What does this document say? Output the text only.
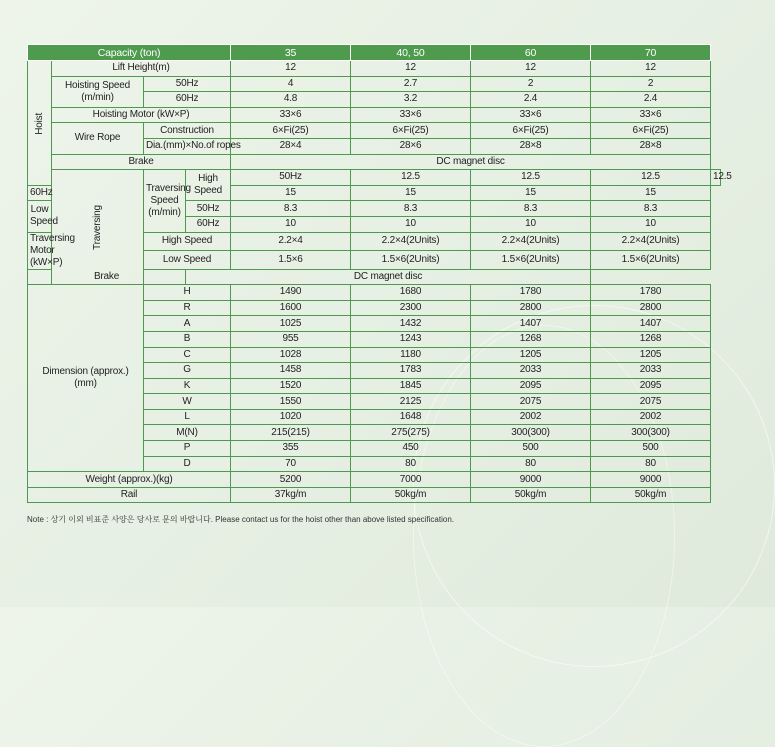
Capacity (ton)				35	40, 50	60	70	
Hoist	Lift Height(m)			12	12	12	12	
	Hoisting Speed (m/min)	50Hz		4	2.7	2	2	
		60Hz		4.8	3.2	2.4	2.4	
	Hoisting Motor (kW×P)			33×6	33×6	33×6	33×6	
	Wire Rope	Construction		6×Fi(25)	6×Fi(25)	6×Fi(25)	6×Fi(25)	
		Dia.(mm)×No.of ropes		28×4	28×6	28×8	28×8	
	Brake			DC magnet disc				
	Traversing	Traversing Speed (m/min)	High Speed	50Hz	12.5	12.5	12.5	12.5
60Hz				15	15	15	15	
Low Speed			50Hz	8.3	8.3	8.3	8.3	
			60Hz	10	10	10	10	
Traversing Motor (kW×P)		High Speed		2.2×4	2.2×4(2Units)	2.2×4(2Units)	2.2×4(2Units)	
		Low Speed		1.5×6	1.5×6(2Units)	1.5×6(2Units)	1.5×6(2Units)	
Brake			DC magnet disc					
Dimension (approx.) (mm)		H		1490	1680	1780	1780	
		R		1600	2300	2800	2800	
		A		1025	1432	1407	1407	
		B		955	1243	1268	1268	
		C		1028	1180	1205	1205	
		G		1458	1783	2033	2033	
		K		1520	1845	2095	2095	
		W		1550	2125	2075	2075	
		L		1020	1648	2002	2002	
		M(N)		215(215)	275(275)	300(300)	300(300)	
		P		355	450	500	500	
		D		70	80	80	80	
Weight (approx.)(kg)				5200	7000	9000	9000	
Rail				37kg/m	50kg/m	50kg/m	50kg/m	
Note : 상기 이외 비표준 사양은 당사로 문의 바랍니다. Please contact us for the hoist other than above listed specification.
